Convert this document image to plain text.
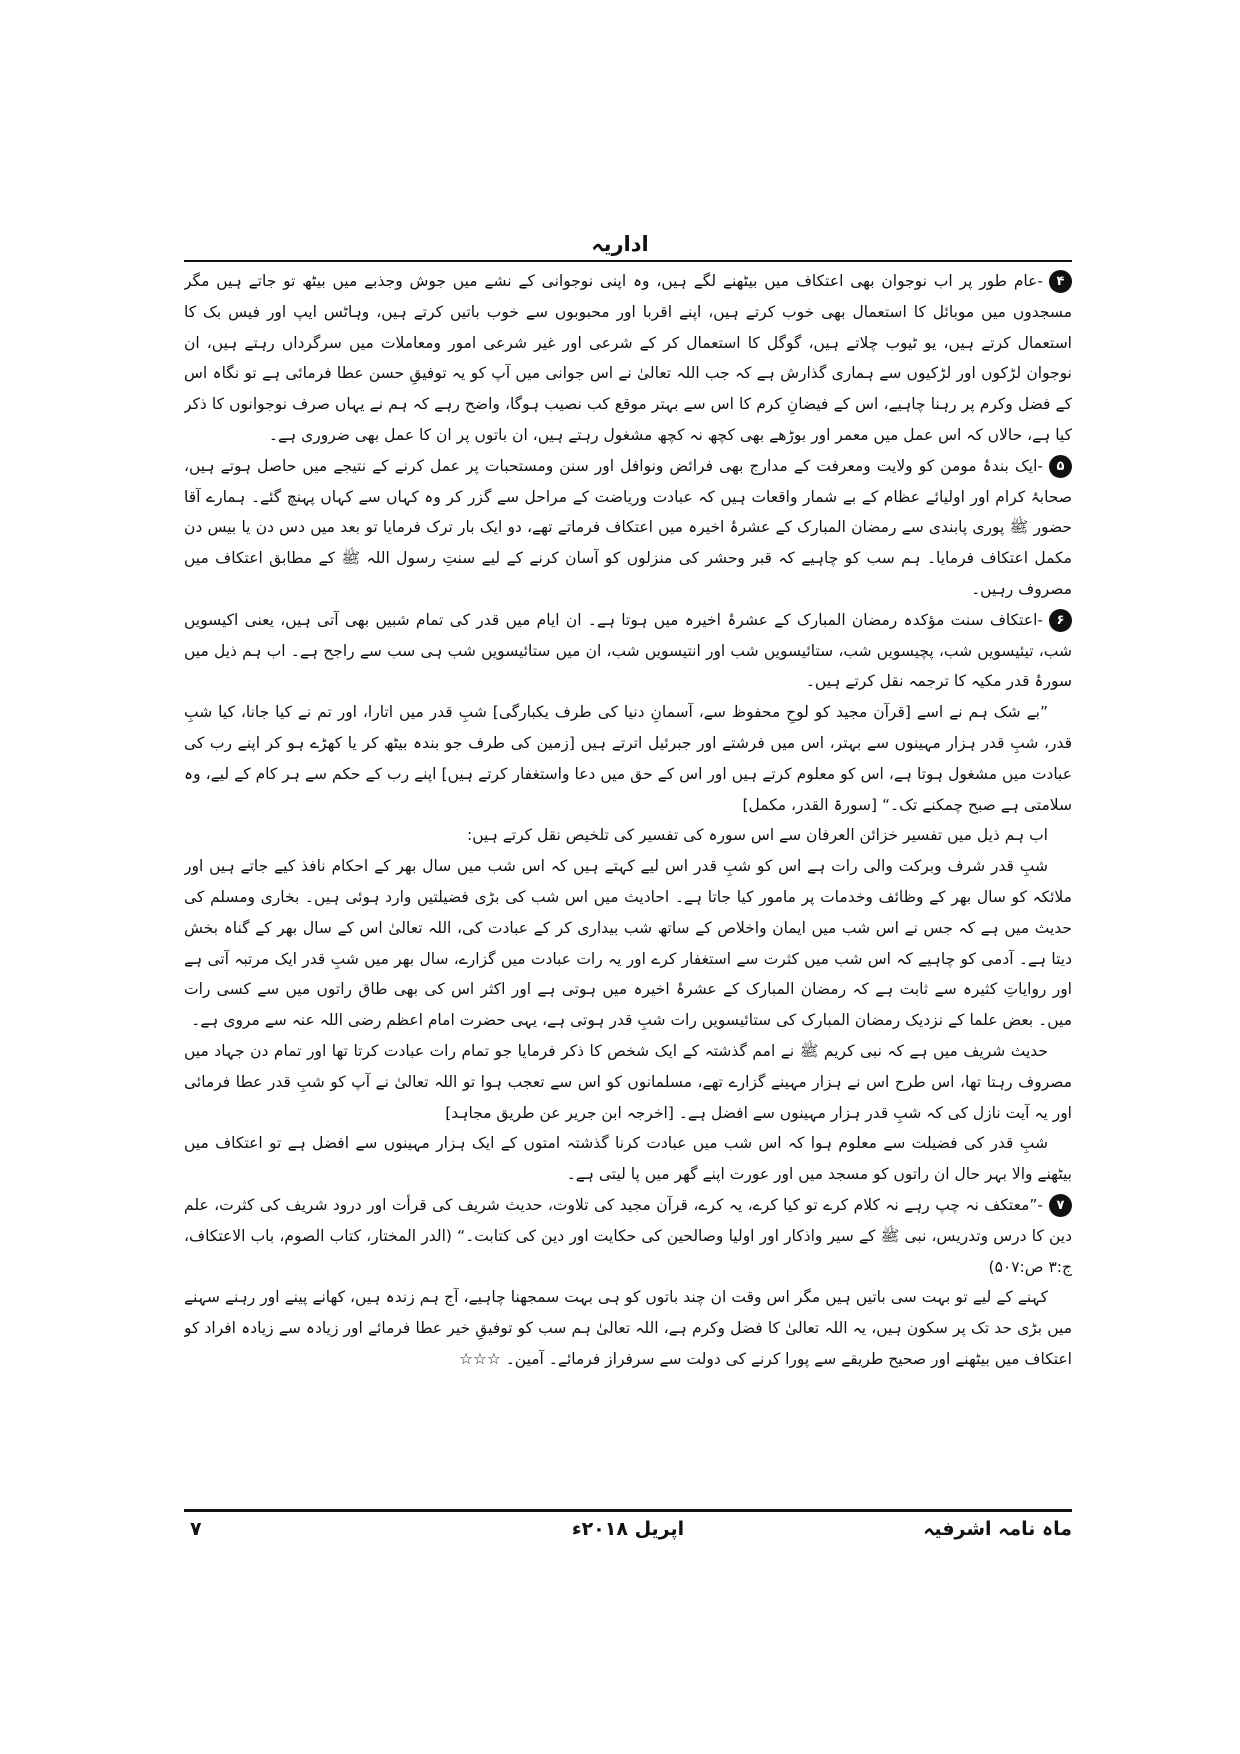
اداریہ

۴-عام طور پر اب نوجوان بھی اعتکاف میں بیٹھنے لگے ہیں، وہ اپنی نوجوانی کے نشے میں جوش وجذبے میں بیٹھ تو جاتے ہیں مگر مسجدوں میں موبائل کا استعمال بھی خوب کرتے ہیں، اپنے اقربا اور محبوبوں سے خوب باتیں کرتے ہیں، وہاٹس ایپ اور فیس بک کا استعمال کرتے ہیں، یو ٹیوب چلاتے ہیں، گوگل کا استعمال کر کے شرعی اور غیر شرعی امور ومعاملات میں سرگرداں رہتے ہیں، ان نوجوان لڑکوں اور لڑکیوں سے ہماری گذارش ہے کہ جب اللہ تعالیٰ نے اس جوانی میں آپ کو یہ توفیقِ حسن عطا فرمائی ہے تو نگاہ اس کے فضل وکرم پر رہنا چاہیے، اس کے فیضانِ کرم کا اس سے بہتر موقع کب نصیب ہوگا، واضح رہے کہ ہم نے یہاں صرف نوجوانوں کا ذکر کیا ہے، حالاں کہ اس عمل میں معمر اور بوڑھے بھی کچھ نہ کچھ مشغول رہتے ہیں، ان باتوں پر ان کا عمل بھی ضروری ہے۔

۵-ایک بندۂ مومن کو ولایت ومعرفت کے مدارج بھی فرائض ونوافل اور سنن ومستحبات پر عمل کرنے کے نتیجے میں حاصل ہوتے ہیں، صحابۂ کرام اور اولیائے عظام کے بے شمار واقعات ہیں کہ عبادت وریاضت کے مراحل سے گزر کر وہ کہاں سے کہاں پہنچ گئے۔ ہمارے آقا حضور ﷺ پوری پابندی سے رمضان المبارک کے عشرۂ اخیرہ میں اعتکاف فرماتے تھے، دو ایک بار ترک فرمایا تو بعد میں دس دن یا بیس دن مکمل اعتکاف فرمایا۔ ہم سب کو چاہیے کہ قبر وحشر کی منزلوں کو آسان کرنے کے لیے سنتِ رسول اللہ ﷺ کے مطابق اعتکاف میں مصروف رہیں۔

۶-اعتکاف سنت مؤکدہ رمضان المبارک کے عشرۂ اخیرہ میں ہوتا ہے۔ ان ایام میں قدر کی تمام شبیں بھی آتی ہیں، یعنی اکیسویں شب، تیئیسویں شب، پچیسویں شب، ستائیسویں شب اور انتیسویں شب، ان میں ستائیسویں شب ہی سب سے راجح ہے۔ اب ہم ذیل میں سورۂ قدر مکیہ کا ترجمہ نقل کرتے ہیں۔

”بے شک ہم نے اسے [قرآن مجید کو لوحِ محفوظ سے، آسمانِ دنیا کی طرف یکبارگی] شبِ قدر میں اتارا، اور تم نے کیا جانا، کیا شبِ قدر، شبِ قدر ہزار مہینوں سے بہتر، اس میں فرشتے اور جبرئیل اترتے ہیں [زمین کی طرف جو بندہ بیٹھ کر یا کھڑے ہو کر اپنے رب کی عبادت میں مشغول ہوتا ہے، اس کو معلوم کرتے ہیں اور اس کے حق میں دعا واستغفار کرتے ہیں] اپنے رب کے حکم سے ہر کام کے لیے، وہ سلامتی ہے صبح چمکنے تک۔“ [سورۃ القدر، مکمل]

اب ہم ذیل میں تفسیر خزائن العرفان سے اس سورہ کی تفسیر کی تلخیص نقل کرتے ہیں:

شبِ قدر شرف وبرکت والی رات ہے اس کو شبِ قدر اس لیے کہتے ہیں کہ اس شب میں سال بھر کے احکام نافذ کیے جاتے ہیں اور ملائکہ کو سال بھر کے وظائف وخدمات پر مامور کیا جاتا ہے۔ احادیث میں اس شب کی بڑی فضیلتیں وارد ہوئی ہیں۔ بخاری ومسلم کی حدیث میں ہے کہ جس نے اس شب میں ایمان واخلاص کے ساتھ شب بیداری کر کے عبادت کی، اللہ تعالیٰ اس کے سال بھر کے گناہ بخش دیتا ہے۔ آدمی کو چاہیے کہ اس شب میں کثرت سے استغفار کرے اور یہ رات عبادت میں گزارے، سال بھر میں شبِ قدر ایک مرتبہ آتی ہے اور روایاتِ کثیرہ سے ثابت ہے کہ رمضان المبارک کے عشرۂ اخیرہ میں ہوتی ہے اور اکثر اس کی بھی طاق راتوں میں سے کسی رات میں۔ بعض علما کے نزدیک رمضان المبارک کی ستائیسویں رات شبِ قدر ہوتی ہے، یہی حضرت امام اعظم رضی اللہ عنہ سے مروی ہے۔

حدیث شریف میں ہے کہ نبی کریم ﷺ نے امم گذشتہ کے ایک شخص کا ذکر فرمایا جو تمام رات عبادت کرتا تھا اور تمام دن جہاد میں مصروف رہتا تھا، اس طرح اس نے ہزار مہینے گزارے تھے، مسلمانوں کو اس سے تعجب ہوا تو اللہ تعالیٰ نے آپ کو شبِ قدر عطا فرمائی اور یہ آیت نازل کی کہ شبِ قدر ہزار مہینوں سے افضل ہے۔ [اخرجہ ابن جریر عن طریق مجاہد]

شبِ قدر کی فضیلت سے معلوم ہوا کہ اس شب میں عبادت کرنا گذشتہ امتوں کے ایک ہزار مہینوں سے افضل ہے تو اعتکاف میں بیٹھنے والا بہر حال ان راتوں کو مسجد میں اور عورت اپنے گھر میں پا لیتی ہے۔

۷-”معتکف نہ چپ رہے نہ کلام کرے تو کیا کرے، یہ کرے، قرآن مجید کی تلاوت، حدیث شریف کی قرأت اور درود شریف کی کثرت، علم دین کا درس وتدریس، نبی ﷺ کے سیر واذکار اور اولیا وصالحین کی حکایت اور دین کی کتابت۔“ (الدر المختار، کتاب الصوم، باب الاعتکاف، ج:۳ ص:۵۰۷)

کہنے کے لیے تو بہت سی باتیں ہیں مگر اس وقت ان چند باتوں کو ہی بہت سمجھنا چاہیے، آج ہم زندہ ہیں، کھانے پینے اور رہنے سہنے میں بڑی حد تک پر سکون ہیں، یہ اللہ تعالیٰ کا فضل وکرم ہے، اللہ تعالیٰ ہم سب کو توفیقِ خیر عطا فرمائے اور زیادہ سے زیادہ افراد کو اعتکاف میں بیٹھنے اور صحیح طریقے سے پورا کرنے کی دولت سے سرفراز فرمائے۔ آمین۔ ☆☆☆

۷	اپریل ۲۰۱۸ء	ماہ نامہ اشرفیہ
